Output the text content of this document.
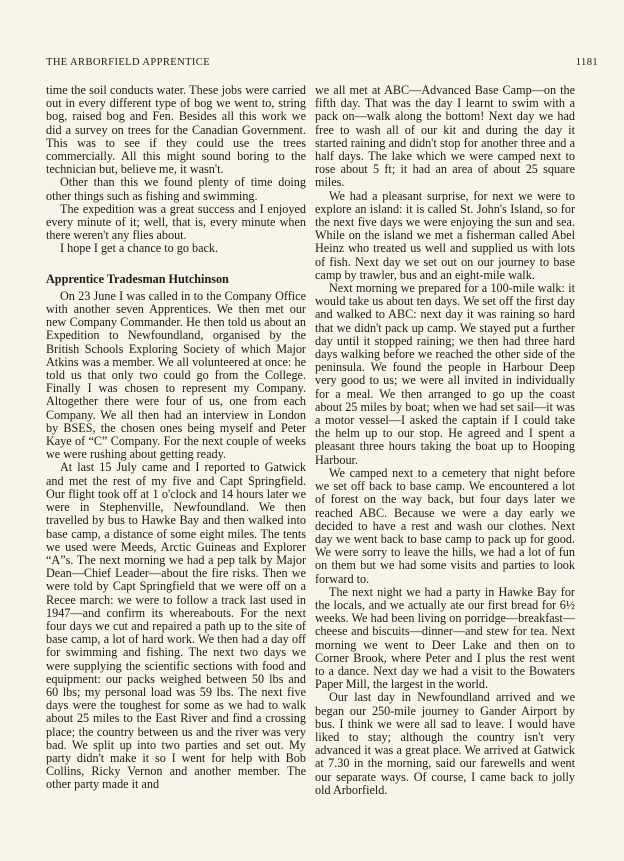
THE ARBORFIELD APPRENTICE	1181

time the soil conducts water. These jobs were carried out in every different type of bog we went to, string bog, raised bog and Fen. Besides all this work we did a survey on trees for the Canadian Government. This was to see if they could use the trees commercially. All this might sound boring to the technician but, believe me, it wasn't.

Other than this we found plenty of time doing other things such as fishing and swimming.

The expedition was a great success and I enjoyed every minute of it; well, that is, every minute when there weren't any flies about.

I hope I get a chance to go back.

Apprentice Tradesman Hutchinson

On 23 June I was called in to the Company Office with another seven Apprentices. We then met our new Company Commander. He then told us about an Expedition to Newfoundland, organised by the British Schools Exploring Society of which Major Atkins was a member. We all volunteered at once: he told us that only two could go from the College. Finally I was chosen to represent my Company. Altogether there were four of us, one from each Company. We all then had an interview in London by BSES, the chosen ones being myself and Peter Kaye of “C” Company. For the next couple of weeks we were rushing about getting ready.

At last 15 July came and I reported to Gatwick and met the rest of my five and Capt Springfield. Our flight took off at 1 o'clock and 14 hours later we were in Stephenville, Newfoundland. We then travelled by bus to Hawke Bay and then walked into base camp, a distance of some eight miles. The tents we used were Meeds, Arctic Guineas and Explorer “A”s. The next morning we had a pep talk by Major Dean—Chief Leader—about the fire risks. Then we were told by Capt Springfield that we were off on a Recee march: we were to follow a track last used in 1947—and confirm its whereabouts. For the next four days we cut and repaired a path up to the site of base camp, a lot of hard work. We then had a day off for swimming and fishing. The next two days we were supplying the scientific sections with food and equipment: our packs weighed between 50 lbs and 60 lbs; my personal load was 59 lbs. The next five days were the toughest for some as we had to walk about 25 miles to the East River and find a crossing place; the country between us and the river was very bad. We split up into two parties and set out. My party didn't make it so I went for help with Bob Collins, Ricky Vernon and another member. The other party made it and

we all met at ABC—Advanced Base Camp—on the fifth day. That was the day I learnt to swim with a pack on—walk along the bottom! Next day we had free to wash all of our kit and during the day it started raining and didn't stop for another three and a half days. The lake which we were camped next to rose about 5 ft; it had an area of about 25 square miles.

We had a pleasant surprise, for next we were to explore an island: it is called St. John's Island, so for the next five days we were enjoying the sun and sea. While on the island we met a fisherman called Abel Heinz who treated us well and supplied us with lots of fish. Next day we set out on our journey to base camp by trawler, bus and an eight-mile walk.

Next morning we prepared for a 100-mile walk: it would take us about ten days. We set off the first day and walked to ABC: next day it was raining so hard that we didn't pack up camp. We stayed put a further day until it stopped raining; we then had three hard days walking before we reached the other side of the peninsula. We found the people in Harbour Deep very good to us; we were all invited in individually for a meal. We then arranged to go up the coast about 25 miles by boat; when we had set sail—it was a motor vessel—I asked the captain if I could take the helm up to our stop. He agreed and I spent a pleasant three hours taking the boat up to Hooping Harbour.

We camped next to a cemetery that night before we set off back to base camp. We encountered a lot of forest on the way back, but four days later we reached ABC. Because we were a day early we decided to have a rest and wash our clothes. Next day we went back to base camp to pack up for good. We were sorry to leave the hills, we had a lot of fun on them but we had some visits and parties to look forward to.

The next night we had a party in Hawke Bay for the locals, and we actually ate our first bread for 6½ weeks. We had been living on porridge—breakfast—cheese and biscuits—dinner—and stew for tea. Next morning we went to Deer Lake and then on to Corner Brook, where Peter and I plus the rest went to a dance. Next day we had a visit to the Bowaters Paper Mill, the largest in the world.

Our last day in Newfoundland arrived and we began our 250-mile journey to Gander Airport by bus. I think we were all sad to leave. I would have liked to stay; although the country isn't very advanced it was a great place. We arrived at Gatwick at 7.30 in the morning, said our farewells and went our separate ways. Of course, I came back to jolly old Arborfield.
